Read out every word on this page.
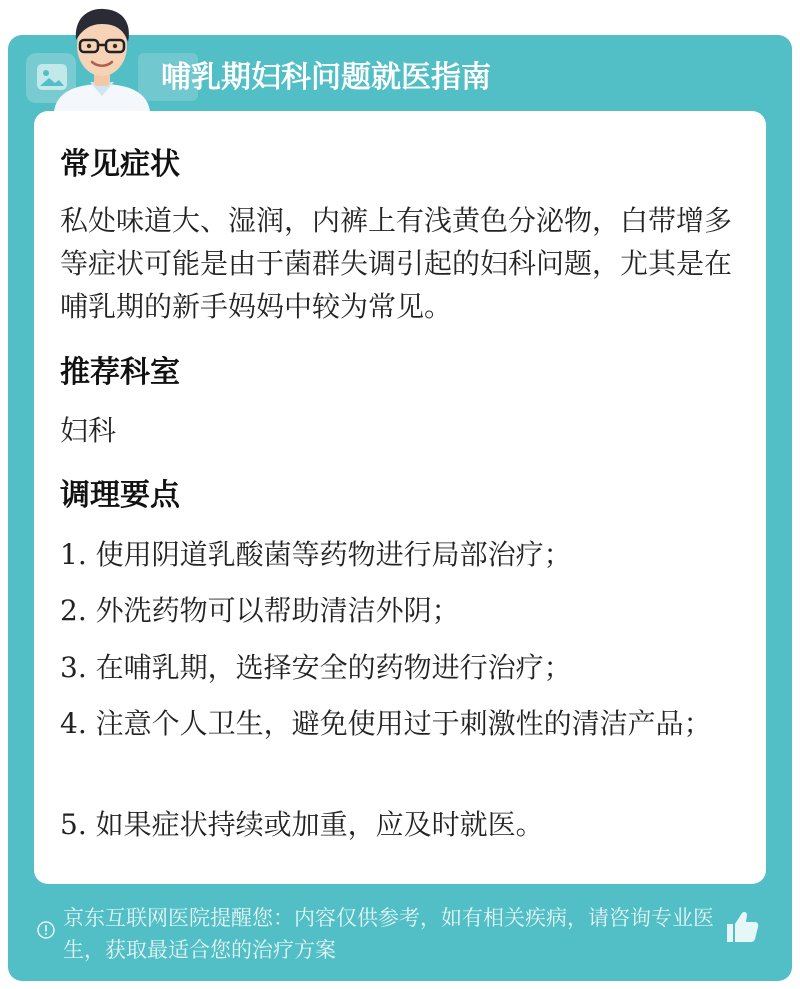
哺乳期妇科问题就医指南
京东互联网医院提醒您：内容仅供参考，如有相关疾病，请咨询专业医生，获取最适合您的治疗方案
常见症状
私处味道大、湿润，内裤上有浅黄色分泌物，白带增多等症状可能是由于菌群失调引起的妇科问题，尤其是在哺乳期的新手妈妈中较为常见。
推荐科室
妇科
调理要点
1. 使用阴道乳酸菌等药物进行局部治疗；
2. 外洗药物可以帮助清洁外阴；
3. 在哺乳期，选择安全的药物进行治疗；
4. 注意个人卫生，避免使用过于刺激性的清洁产品；
5. 如果症状持续或加重，应及时就医。
